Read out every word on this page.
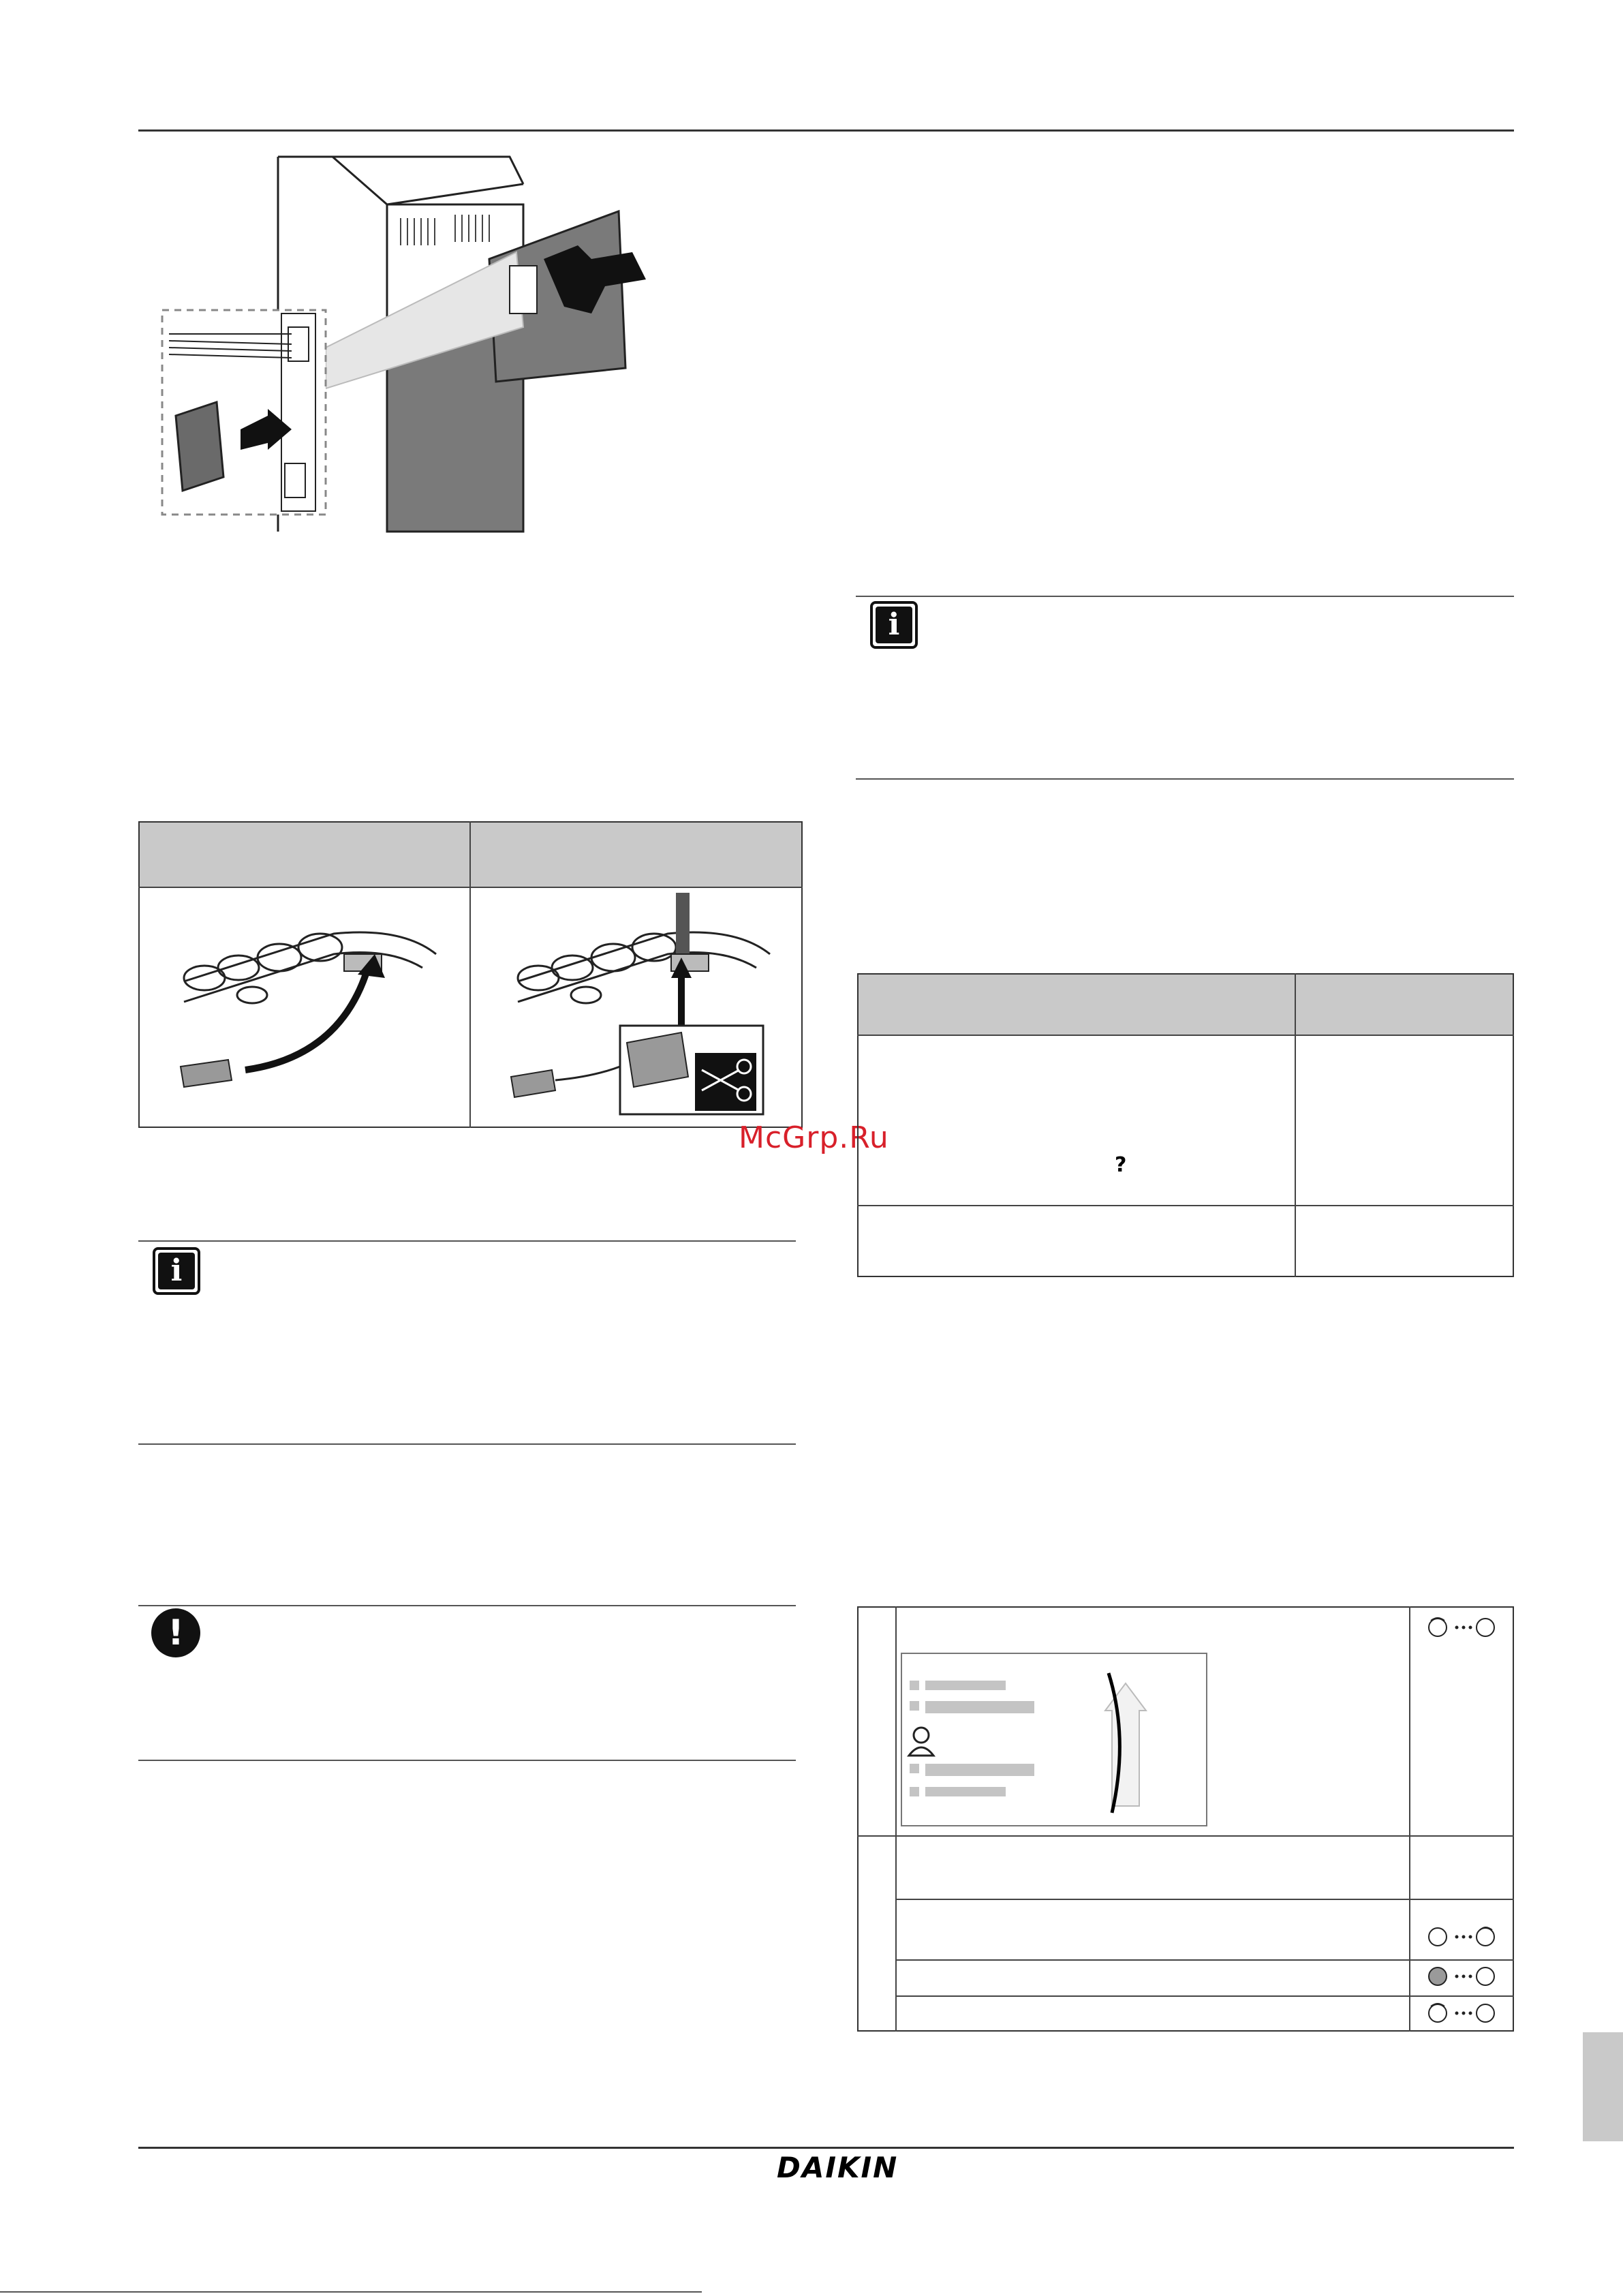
McGrp.Ru
?
i
!
i
DAIKIN
